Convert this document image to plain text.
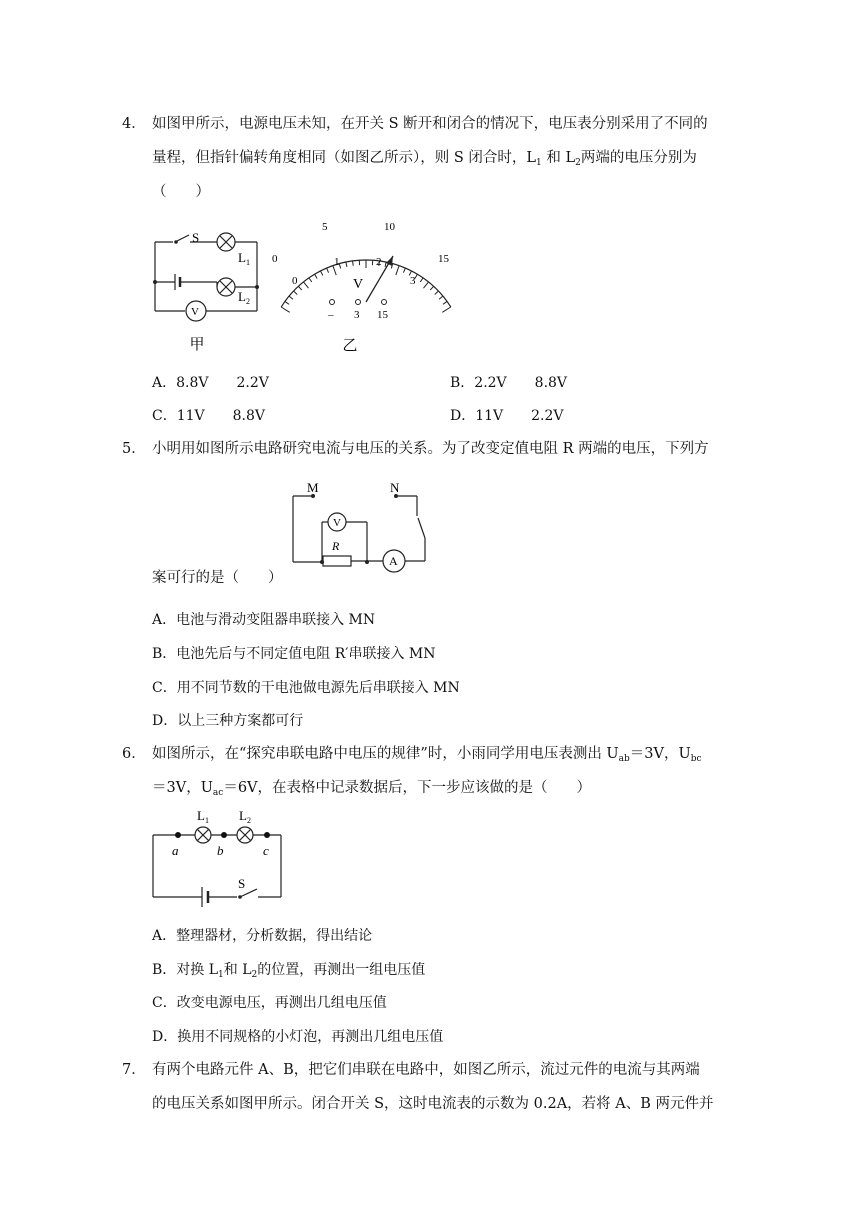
4． 如图甲所示，电源电压未知，在开关 S 断开和闭合的情况下，电压表分别采用了不同的
量程，但指针偏转角度相同（如图乙所示），则 S 闭合时，$L_1$ 和 $L_2$两端的电压分别为
（　　）
S
$L_1$
$L_2$
V
甲
0
5	10
15
0
1	2
3
V
– 3 15
乙
A．8.8V　　2.2V	B．2.2V　　8.8V
C．11V　　8.8V	D．11V　　2.2V
5． 小明用如图所示电路研究电流与电压的关系。为了改变定值电阻 R 两端的电压，下列方
M	N
V
R
A
案可行的是（　　）
A．电池与滑动变阻器串联接入 MN
B．电池先后与不同定值电阻 R′串联接入 MN
C．用不同节数的干电池做电源先后串联接入 MN
D．以上三种方案都可行
6． 如图所示，在“探究串联电路中电压的规律”时，小雨同学用电压表测出 $U_{ab}=3V$，$U_{bc}$
＝3V，$U_{ac}=6V$，在表格中记录数据后，下一步应该做的是（　　）
$L_1$ $L_2$
a	b	c
S
A．整理器材，分析数据，得出结论
B．对换 $L_1$和 $L_2$的位置，再测出一组电压值
C．改变电源电压，再测出几组电压值
D．换用不同规格的小灯泡，再测出几组电压值
7． 有两个电路元件 A、B，把它们串联在电路中，如图乙所示，流过元件的电流与其两端
的电压关系如图甲所示。闭合开关 S，这时电流表的示数为 0.2A，若将 A、B 两元件并
